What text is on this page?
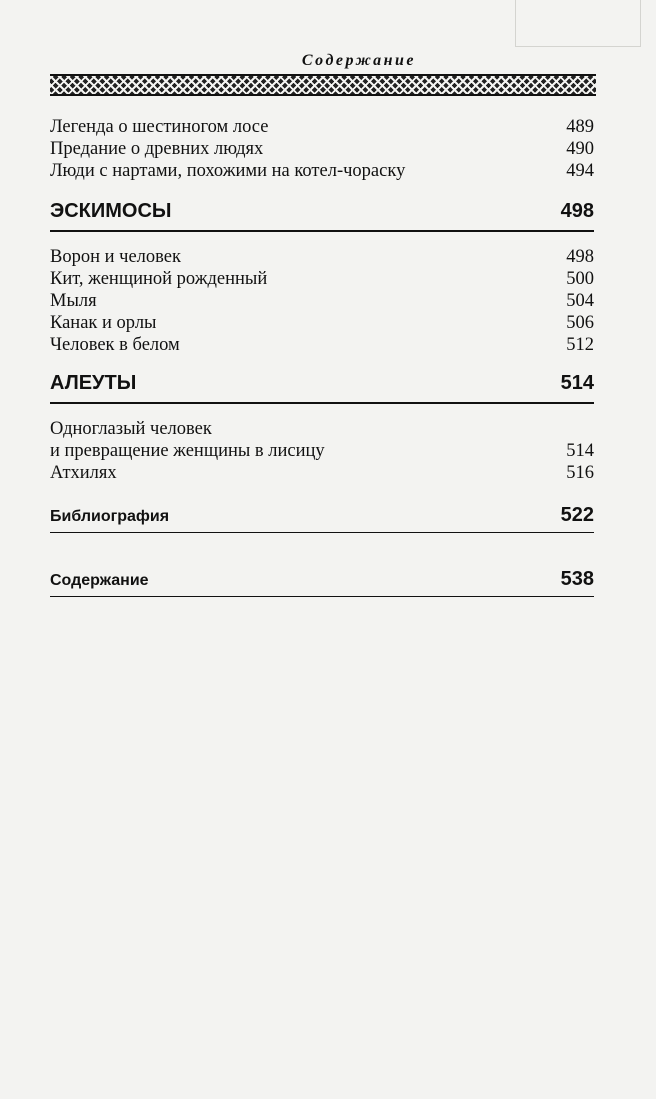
Содержание
Легенда о шестиногом лосе	489
Предание о древних людях	490
Люди с нартами, похожими на котел-чораску	494
ЭСКИМОСЫ	498
Ворон и человек	498
Кит, женщиной рожденный	500
Мыля	504
Канак и орлы	506
Человек в белом	512
АЛЕУТЫ	514
Одноглазый человек
и превращение женщины в лисицу	514
Атхилях	516
Библиография	522
Содержание	538
